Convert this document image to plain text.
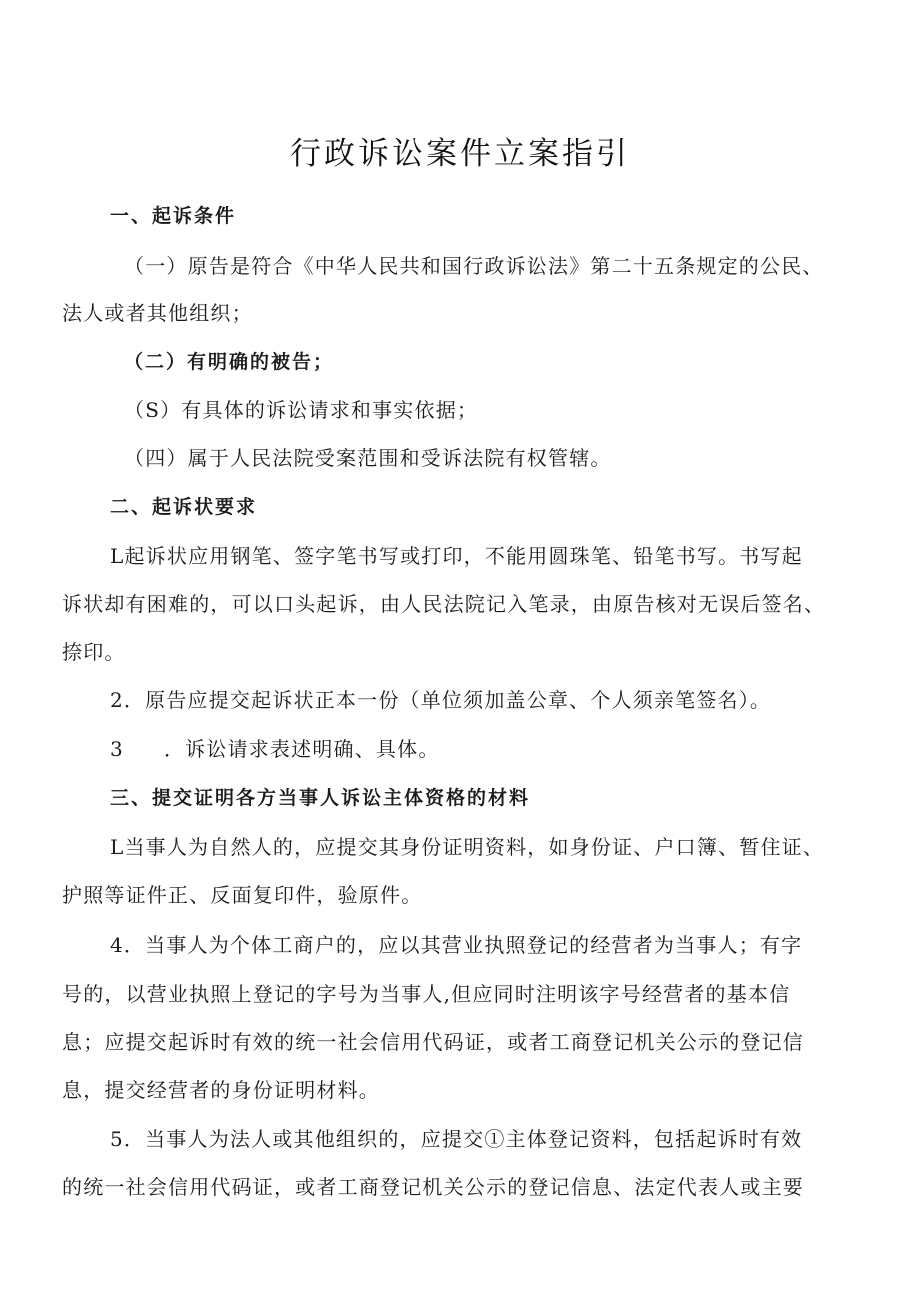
行政诉讼案件立案指引
一、起诉条件
（一）原告是符合《中华人民共和国行政诉讼法》第二十五条规定的公民、
法人或者其他组织；
（二）有明确的被告；
（S）有具体的诉讼请求和事实依据；
（四）属于人民法院受案范围和受诉法院有权管辖。
二、起诉状要求
L起诉状应用钢笔、签字笔书写或打印，不能用圆珠笔、铅笔书写。书写起
诉状却有困难的，可以口头起诉，由人民法院记入笔录，由原告核对无误后签名、
捺印。
2．原告应提交起诉状正本一份（单位须加盖公章、个人须亲笔签名）。
3 ．诉讼请求表述明确、具体。
三、提交证明各方当事人诉讼主体资格的材料
L当事人为自然人的，应提交其身份证明资料，如身份证、户口簿、暂住证、
护照等证件正、反面复印件，验原件。
4．当事人为个体工商户的，应以其营业执照登记的经营者为当事人；有字
号的，以营业执照上登记的字号为当事人,但应同时注明该字号经营者的基本信
息；应提交起诉时有效的统一社会信用代码证，或者工商登记机关公示的登记信
息，提交经营者的身份证明材料。
5．当事人为法人或其他组织的，应提交①主体登记资料，包括起诉时有效
的统一社会信用代码证，或者工商登记机关公示的登记信息、法定代表人或主要
